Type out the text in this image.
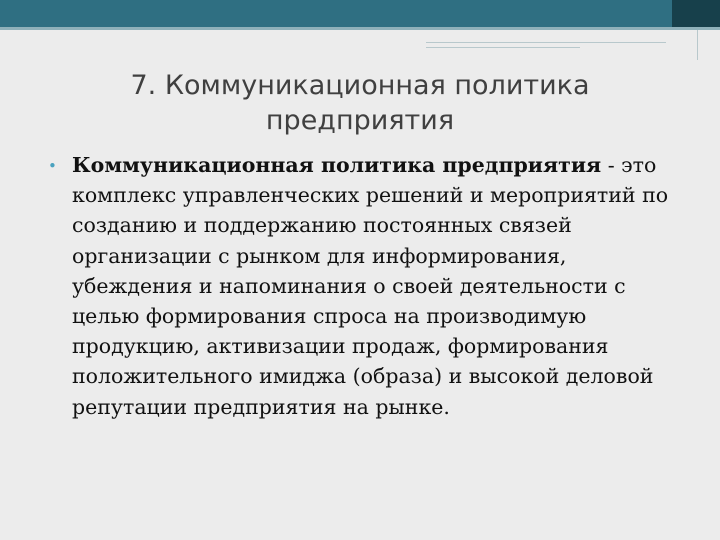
7. Коммуникационная политика предприятия
• Коммуникационная политика предприятия - это комплекс управленческих решений и мероприятий по созданию и поддержанию постоянных связей организации с рынком для информирования, убеждения и напоминания о своей деятельности с целью формирования спроса на производимую продукцию, активизации продаж, формирования положительного имиджа (образа) и высокой деловой репутации предприятия на рынке.
